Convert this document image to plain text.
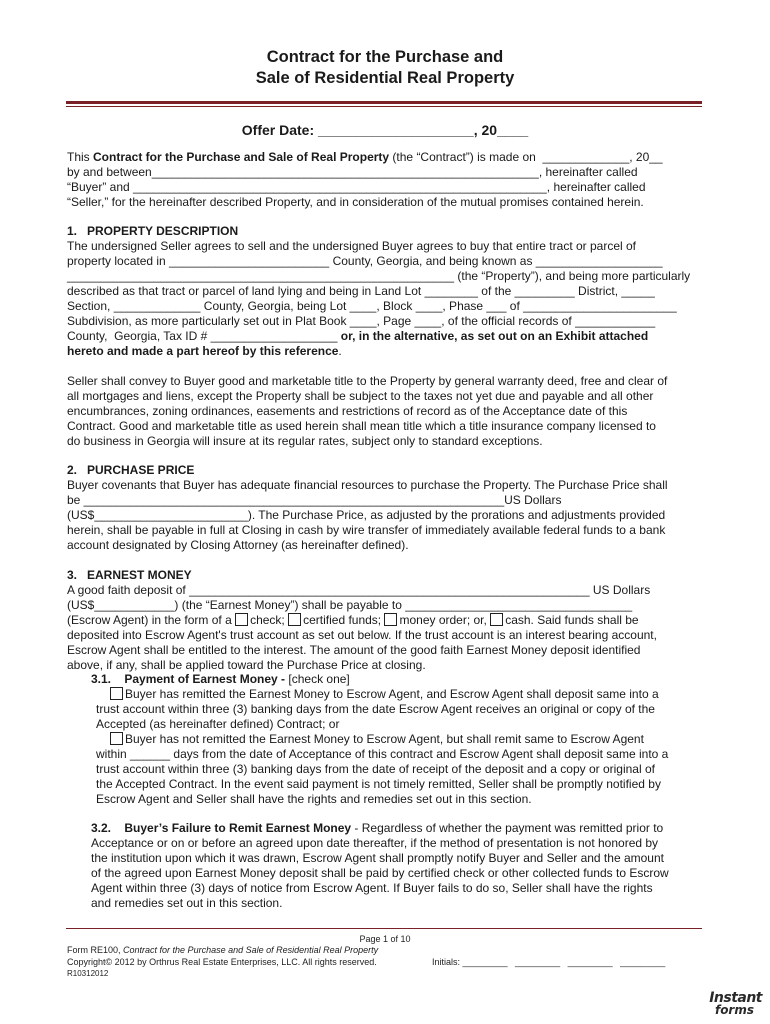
Contract for the Purchase and
Sale of Residential Real Property
Offer Date: ____________________, 20____
This Contract for the Purchase and Sale of Real Property (the “Contract”) is made on  _____________, 20__
by and between__________________________________________________________, hereinafter called
“Buyer” and ______________________________________________________________, hereinafter called
“Seller,” for the hereinafter described Property, and in consideration of the mutual promises contained herein.
1.   PROPERTY DESCRIPTION
The undersigned Seller agrees to sell and the undersigned Buyer agrees to buy that entire tract or parcel of
property located in ________________________ County, Georgia, and being known as ___________________
__________________________________________________________ (the “Property”), and being more particularly
described as that tract or parcel of land lying and being in Land Lot ________ of the _________ District, _____
Section, _____________ County, Georgia, being Lot ____, Block ____, Phase ___ of _______________________
Subdivision, as more particularly set out in Plat Book ____, Page ____, of the official records of ____________
County,  Georgia, Tax ID # ___________________ or, in the alternative, as set out on an Exhibit attached
hereto and made a part hereof by this reference.
Seller shall convey to Buyer good and marketable title to the Property by general warranty deed, free and clear of
all mortgages and liens, except the Property shall be subject to the taxes not yet due and payable and all other
encumbrances, zoning ordinances, easements and restrictions of record as of the Acceptance date of this
Contract. Good and marketable title as used herein shall mean title which a title insurance company licensed to
do business in Georgia will insure at its regular rates, subject only to standard exceptions.
2.   PURCHASE PRICE
Buyer covenants that Buyer has adequate financial resources to purchase the Property. The Purchase Price shall
be _______________________________________________________________US Dollars
(US$_______________________). The Purchase Price, as adjusted by the prorations and adjustments provided
herein, shall be payable in full at Closing in cash by wire transfer of immediately available federal funds to a bank
account designated by Closing Attorney (as hereinafter defined).
3.   EARNEST MONEY
A good faith deposit of ____________________________________________________________ US Dollars
(US$____________) (the “Earnest Money”) shall be payable to __________________________________
(Escrow Agent) in the form of a check; certified funds; money order; or, cash. Said funds shall be
deposited into Escrow Agent's trust account as set out below. If the trust account is an interest bearing account,
Escrow Agent shall be entitled to the interest. The amount of the good faith Earnest Money deposit identified
above, if any, shall be applied toward the Purchase Price at closing.
3.1.    Payment of Earnest Money - [check one]
Buyer has remitted the Earnest Money to Escrow Agent, and Escrow Agent shall deposit same into a
trust account within three (3) banking days from the date Escrow Agent receives an original or copy of the
Accepted (as hereinafter defined) Contract; or
Buyer has not remitted the Earnest Money to Escrow Agent, but shall remit same to Escrow Agent
within ______ days from the date of Acceptance of this contract and Escrow Agent shall deposit same into a
trust account within three (3) banking days from the date of receipt of the deposit and a copy or original of
the Accepted Contract. In the event said payment is not timely remitted, Seller shall be promptly notified by
Escrow Agent and Seller shall have the rights and remedies set out in this section.
3.2.    Buyer’s Failure to Remit Earnest Money - Regardless of whether the payment was remitted prior to
Acceptance or on or before an agreed upon date thereafter, if the method of presentation is not honored by
the institution upon which it was drawn, Escrow Agent shall promptly notify Buyer and Seller and the amount
of the agreed upon Earnest Money deposit shall be paid by certified check or other collected funds to Escrow
Agent within three (3) days of notice from Escrow Agent. If Buyer fails to do so, Seller shall have the rights
and remedies set out in this section.
Page 1 of 10
Form RE100, Contract for the Purchase and Sale of Residential Real Property
Copyright© 2012 by Orthrus Real Estate Enterprises, LLC. All rights reserved.	Initials: _________   _________   _________   _________
R10312012
Instant
forms
